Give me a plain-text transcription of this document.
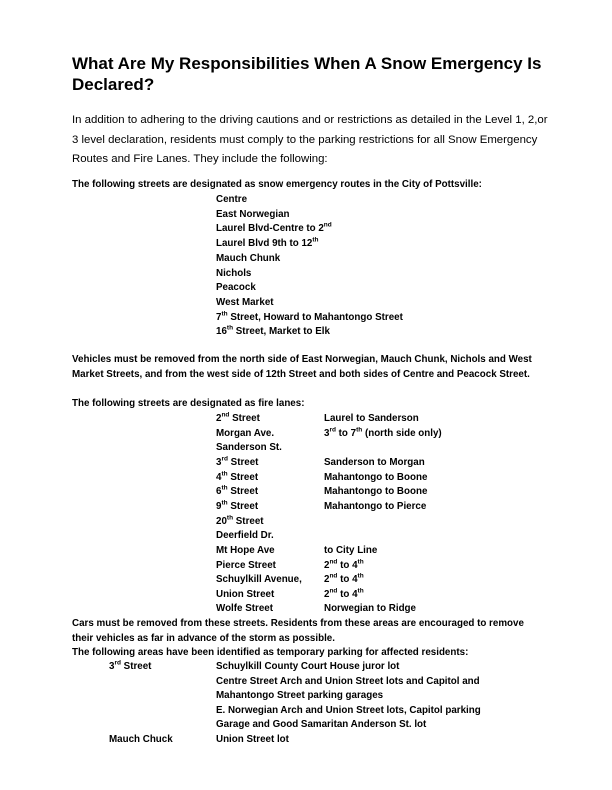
What Are My Responsibilities When A Snow Emergency Is Declared?

In addition to adhering to the driving cautions and or restrictions as detailed in the Level 1, 2,or 3 level declaration, residents must comply to the parking restrictions for all Snow Emergency Routes and Fire Lanes. They include the following:

The following streets are designated as snow emergency routes in the City of Pottsville:
Centre
East Norwegian
Laurel Blvd-Centre to 2nd
Laurel Blvd 9th to 12th
Mauch Chunk
Nichols
Peacock
West Market
7th Street, Howard to Mahantongo Street
16th Street, Market to Elk

Vehicles must be removed from the north side of East Norwegian, Mauch Chunk, Nichols and West Market Streets, and from the west side of 12th Street and both sides of Centre and Peacock Street.

The following streets are designated as fire lanes:
2nd Street	Laurel to Sanderson
Morgan Ave.	3rd to 7th (north side only)
Sanderson St.
3rd Street	Sanderson to Morgan
4th Street	Mahantongo to Boone
6th Street	Mahantongo to Boone
9th Street	Mahantongo to Pierce
20th Street
Deerfield Dr.
Mt Hope Ave	to City Line
Pierce Street	2nd to 4th
Schuylkill Avenue, 2nd to 4th
Union Street	2nd to 4th
Wolfe Street	Norwegian to Ridge

Cars must be removed from these streets. Residents from these areas are encouraged to remove their vehicles as far in advance of the storm as possible.

The following areas have been identified as temporary parking for affected residents:
3rd Street	Schuylkill County Court House juror lot
Centre Street Arch and Union Street lots and Capitol and
Mahantongo Street parking garages
E. Norwegian Arch and Union Street lots, Capitol parking
Garage and Good Samaritan Anderson St. lot
Mauch Chuck	Union Street lot
